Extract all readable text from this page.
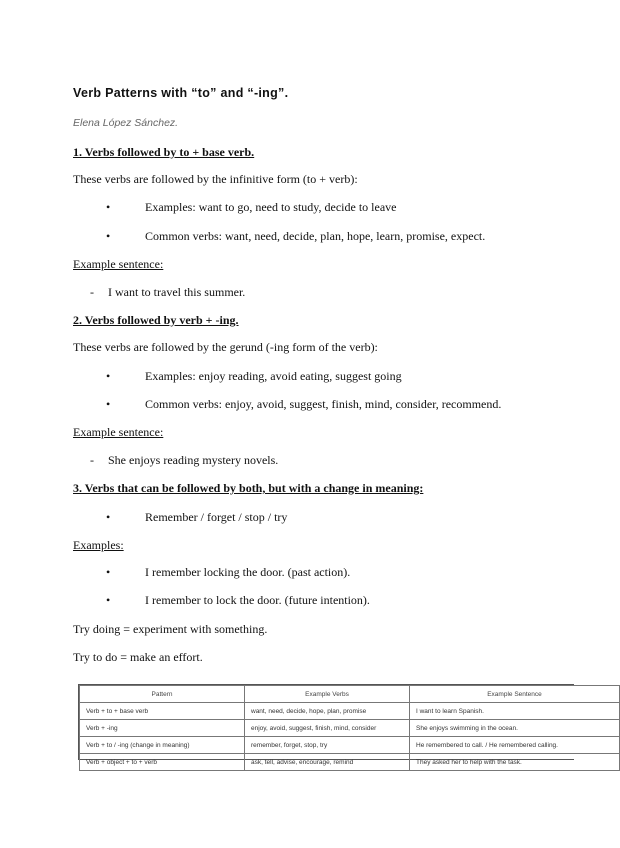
Verb Patterns with “to” and “-ing”.
Elena López Sánchez.
1. Verbs followed by to + base verb.
These verbs are followed by the infinitive form (to + verb):
•	Examples: want to go, need to study, decide to leave
•	Common verbs: want, need, decide, plan, hope, learn, promise, expect.
Example sentence:
- I want to travel this summer.
2. Verbs followed by verb + -ing.
These verbs are followed by the gerund (-ing form of the verb):
•	Examples: enjoy reading, avoid eating, suggest going
•	Common verbs: enjoy, avoid, suggest, finish, mind, consider, recommend.
Example sentence:
- She enjoys reading mystery novels.
3. Verbs that can be followed by both, but with a change in meaning:
•	Remember / forget / stop / try
Examples:
•	I remember locking the door. (past action).
•	I remember to lock the door. (future intention).
Try doing = experiment with something.
Try to do = make an effort.
Pattern	Example Verbs	Example Sentence
Verb + to + base verb	want, need, decide, hope, plan, promise	I want to learn Spanish.
Verb + -ing	enjoy, avoid, suggest, finish, mind, consider	She enjoys swimming in the ocean.
Verb + to / -ing (change in meaning)	remember, forget, stop, try	He remembered to call. / He remembered calling.
Verb + object + to + verb	ask, tell, advise, encourage, remind	They asked her to help with the task.
